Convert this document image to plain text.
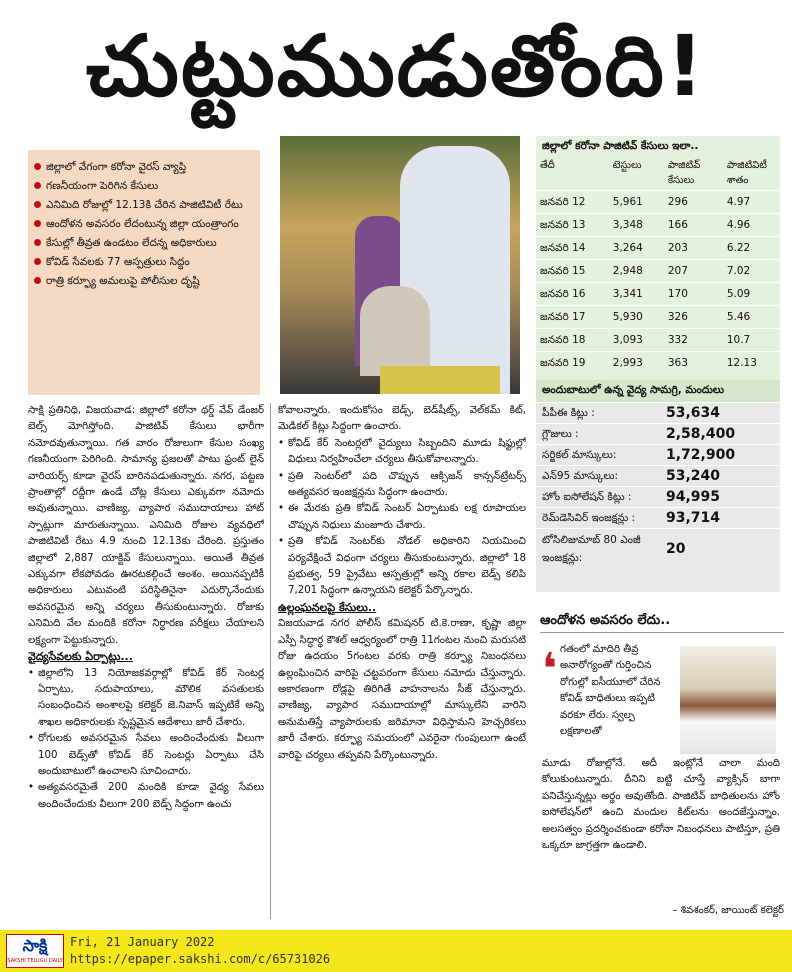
చుట్టుముడుతోంది!
జిల్లాలో వేగంగా కరోనా వైరస్ వ్యాప్తి
గణనీయంగా పెరిగిన కేసులు
ఎనిమిది రోజుల్లో 12.13కి చేరిన పాజిటివిటీ రేటు
ఆందోళన అవసరం లేదంటున్న జిల్లా యంత్రాంగం
కేసుల్లో తీవ్రత ఉండటం లేదన్న అధికారులు
కోవిడ్ సేవలకు 77 ఆస్పత్రులు సిద్ధం
రాత్రి కర్ఫ్యూ అమలుపై పోలీసుల దృష్టి
జిల్లాలో కరోనా పాజిటివ్ కేసులు ఇలా..
తేదీ	టెస్టులు	పాజిటివ్ కేసులు
పాజిటివిటీ శాతం
జనవరి 12	5,961	296	4.97
జనవరి 13	3,348	166	4.96
జనవరి 14	3,264	203	6.22
జనవరి 15	2,948	207	7.02
జనవరి 16	3,341	170	5.09
జనవరి 17	5,930	326	5.46
జనవరి 18	3,093	332	10.7
జనవరి 19	2,993	363	12.13
అందుబాటులో ఉన్న వైద్య సామగ్రి, మందులు
పీపీఈ కిట్లు :	53,634
గ్లౌజులు :	2,58,400
సర్జికల్ మాస్కులు:	1,72,900
ఎన్95 మాస్కులు:	53,240
హోం ఐసోలేషన్ కిట్లు :	94,995
రెమ్‌డెసివిర్ ఇంజక్షన్లు :	93,714
టోసిలిజుమాబ్ 80 ఎంజీ ఇంజక్షన్లు:
20

సాక్షి ప్రతినిధి, విజయవాడ: జిల్లాలో కరోనా థర్డ్ వేవ్ డేంజర్ బెల్స్ మోగిస్తోంది. పాజిటివ్ కేసులు భారీగా నమోదవుతున్నాయి. గత వారం రోజులుగా కేసుల సంఖ్య గణనీయంగా పెరిగింది. సామాన్య ప్రజలతో పాటు ఫ్రంట్ లైన్ వారియర్స్ కూడా వైరస్ బారినపడుతున్నారు. నగర, పట్టణ ప్రాంతాల్లో రద్దీగా ఉండే చోట్ల కేసులు ఎక్కువగా నమోదు అవుతున్నాయి. వాణిజ్య, వ్యాపార సముదాయాలు హాట్ స్పాట్లుగా మారుతున్నాయి. ఎనిమిది రోజుల వ్యవధిలో పాజిటివిటీ రేటు 4.9 నుంచి 12.13కు చేరింది. ప్రస్తుతం జిల్లాలో 2,887 యాక్టివ్ కేసులున్నాయి. అయితే తీవ్రత ఎక్కువగా లేకపోవడం ఊరటకల్గించే అంశం. అయినప్పటికీ అధికారులు ఎటువంటి పరిస్థితినైనా ఎదుర్కొనేందుకు అవసరమైన అన్ని చర్యలు తీసుకుంటున్నారు. రోజుకు ఎనిమిది వేల మందికి కరోనా నిర్ధారణ పరీక్షలు చేయాలని లక్ష్యంగా పెట్టుకున్నారు.

వైద్యసేవలకు ఏర్పాట్లు...

• జిల్లాలోని 13 నియోజకవర్గాల్లో కోవిడ్ కేర్ సెంటర్ల ఏర్పాటు, సదుపాయాలు, మౌలిక వసతులకు సంబంధించిన అంశాలపై కలెక్టర్ జె.నివాస్ ఇప్పటికే అన్ని శాఖల అధికారులకు స్పష్టమైన ఆదేశాలు జారీ చేశారు.

• రోగులకు అవసరమైన సేవలు అందించేందుకు వీలుగా 100 బెడ్స్‌తో కోవిడ్ కేర్ సెంటర్లు ఏర్పాటు చేసి అందుబాటులో ఉంచాలని సూచించారు.

• అత్యవసరమైతే 200 మందికి కూడా వైద్య సేవలు అందించేందుకు వీలుగా 200 బెడ్స్ సిద్ధంగా ఉంచు

కోవాలన్నారు. ఇందుకోసం బెడ్స్, బెడ్‌షీట్స్, వెల్‌కమ్ కిట్, మెడికల్ కిట్లు సిద్ధంగా ఉంచారు.

• కోవిడ్ కేర్ సెంటర్లలో వైద్యులు సిబ్బందిని మూడు షిఫ్టుల్లో విధులు నిర్వహించేలా చర్యలు తీసుకోవాలన్నారు.

• ప్రతి సెంటర్‌లో పది చొప్పున ఆక్సిజన్ కాన్సన్‌ట్రేటర్స్ అత్యవసర ఇంజక్షన్లను సిద్ధంగా ఉంచారు.

• ఈ మేరకు ప్రతి కోవిడ్ సెంటర్ ఏర్పాటుకు లక్ష రూపాయల చొప్పున నిధులు మంజూరు చేశారు.

• ప్రతి కోవిడ్ సెంటర్‌కు నోడల్ అధికారిని నియమించి పర్యవేక్షించే విధంగా చర్యలు తీసుకుంటున్నారు. జిల్లాలో 18 ప్రభుత్వ, 59 ప్రైవేటు ఆస్పత్రుల్లో అన్ని రకాల బెడ్స్ కలిపి 7,201 సిద్ధంగా ఉన్నాయని కలెక్టర్ పేర్కొన్నారు.

ఉల్లంఘనలపై కేసులు..

విజయవాడ నగర పోలీస్ కమిషనర్ టి.కె.రాణా, కృష్ణా జిల్లా ఎస్పీ సిద్ధార్థ కౌశల్ ఆధ్వర్యంలో రాత్రి 11గంటల నుంచి మరుసటి రోజు ఉదయం 5గంటల వరకు రాత్రి కర్ఫ్యూ నిబంధనలు ఉల్లంఘించిన వారిపై చట్టపరంగా కేసులు నమోదు చేస్తున్నారు. అకారణంగా రోడ్లపై తిరిగితే వాహనాలను సీజ్ చేస్తున్నారు. వాణిజ్య, వ్యాపార సముదాయాల్లో మాస్కులేని వారిని అనుమతిస్తే వ్యాపారులకు జరిమానా విధిస్తామని హెచ్చరికలు జారీ చేశారు. కర్ఫ్యూ సమయంలో ఎవరైనా గుంపులుగా ఉంటే వారిపై చర్యలు తప్పవని పేర్కొంటున్నారు.

ఆందోళన అవసరం లేదు..
❛ గతంలో మాదిరి తీవ్ర అనారోగ్యంతో గుర్తించిన రోగుల్లో ఐసీయూలో చేరిన కోవిడ్ బాధితులు ఇప్పటి వరకూ లేరు. స్వల్ప లక్షణాలతో
మూడు రోజుల్లోనే. అదీ ఇంట్లోనే చాలా మంది కోలుకుంటున్నారు. దీనిని బట్టి చూస్తే వ్యాక్సిన్ బాగా పనిచేస్తున్నట్లు అర్థం అవుతోంది. పాజిటివ్ బాధితులను హోం ఐసోలేషన్‌లో ఉంచి మందుల కిట్‌లను అందజేస్తున్నాం. అలసత్వం ప్రదర్శించకుండా కరోనా నిబంధనలు పాటిస్తూ, ప్రతి ఒక్కరూ జాగ్రత్తగా ఉండాలి.
– శివశంకర్, జాయింట్ కలెక్టర్
సాక్షి
SAKSHI TELUGU DAILY
Fri, 21 January 2022
https://epaper.sakshi.com/c/65731026
